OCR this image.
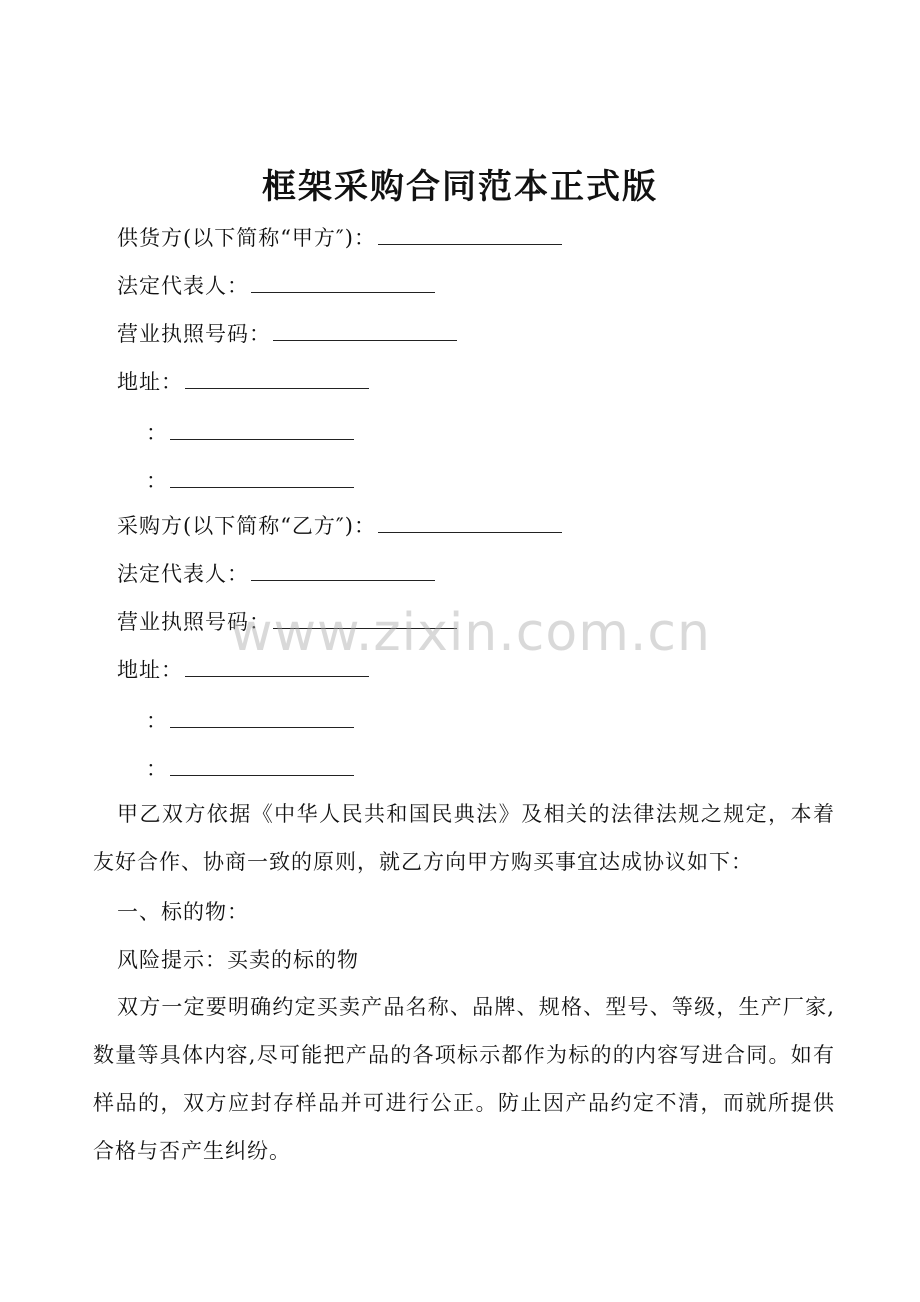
框架采购合同范本正式版
供货方(以下简称“甲方″)：
法定代表人：
营业执照号码：
地址：
：
：
采购方(以下简称“乙方″)：
法定代表人：
营业执照号码：
地址：
：
：
甲乙双方依据《中华人民共和国民典法》及相关的法律法规之规定，本着友好合作、协商一致的原则，就乙方向甲方购买事宜达成协议如下：
一、标的物：
风险提示：买卖的标的物
双方一定要明确约定买卖产品名称、品牌、规格、型号、等级，生产厂家,数量等具体内容,尽可能把产品的各项标示都作为标的的内容写进合同。如有样品的，双方应封存样品并可进行公正。防止因产品约定不清，而就所提供合格与否产生纠纷。
www.zixin.com.cn
